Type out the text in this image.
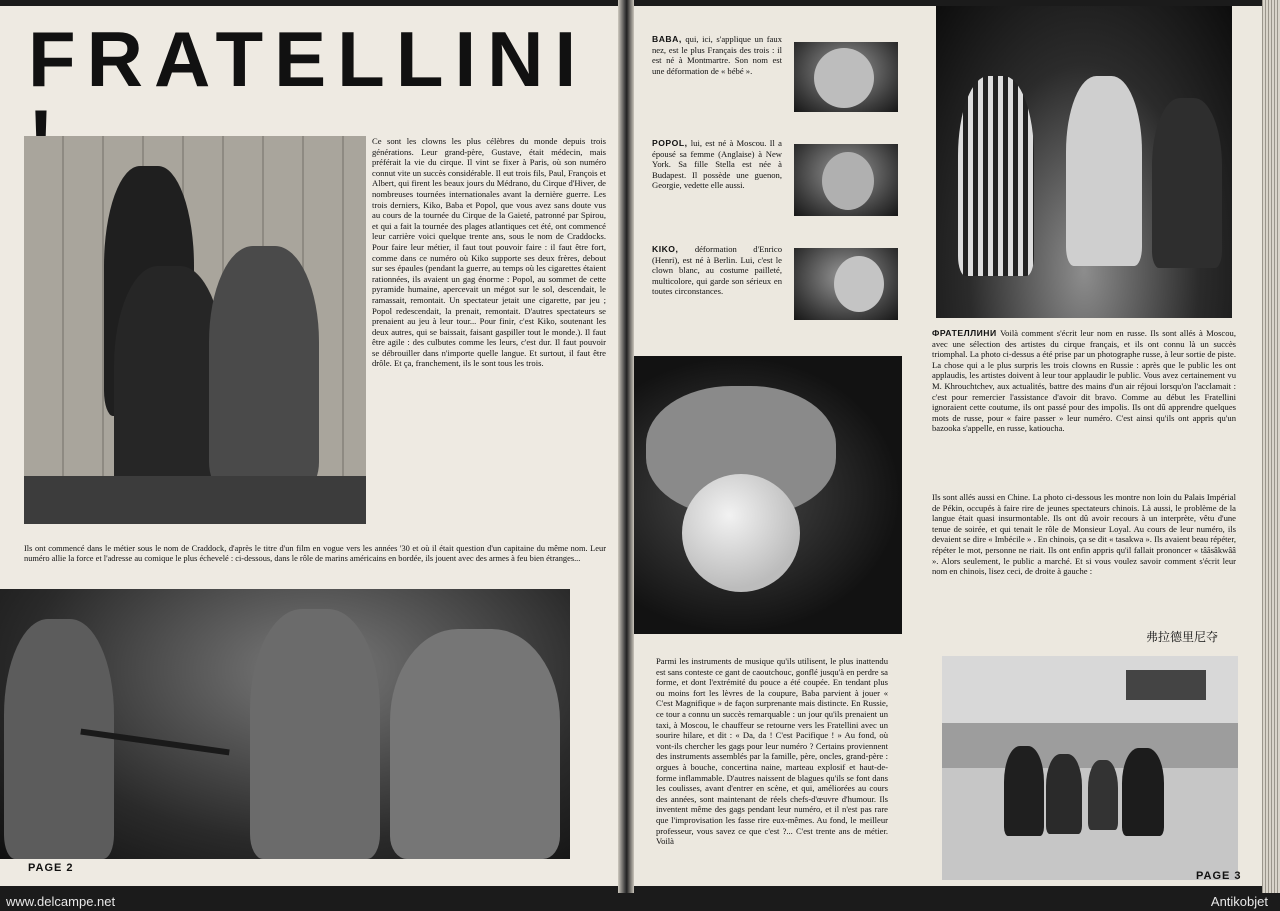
FRATELLINI

Ce sont les clowns les plus célèbres du monde depuis trois générations. Leur grand-père, Gustave, était médecin, mais préférait la vie du cirque. Il vint se fixer à Paris, où son numéro connut vite un succès considérable. Il eut trois fils, Paul, François et Albert, qui firent les beaux jours du Médrano, du Cirque d'Hiver, de nombreuses tournées internationales avant la dernière guerre. Les trois derniers, Kiko, Baba et Popol, que vous avez sans doute vus au cours de la tournée du Cirque de la Gaieté, patronné par Spirou, et qui a fait la tournée des plages atlantiques cet été, ont commencé leur carrière voici quelque trente ans, sous le nom de Craddocks. Pour faire leur métier, il faut tout pouvoir faire : il faut être fort, comme dans ce numéro où Kiko supporte ses deux frères, debout sur ses épaules (pendant la guerre, au temps où les cigarettes étaient rationnées, ils avaient un gag énorme : Popol, au sommet de cette pyramide humaine, apercevait un mégot sur le sol, descendait, le ramassait, remontait. Un spectateur jetait une cigarette, par jeu ; Popol redescendait, la prenait, remontait. D'autres spectateurs se prenaient au jeu à leur tour... Pour finir, c'est Kiko, soutenant les deux autres, qui se baissait, faisant gaspiller tout le monde.). Il faut être agile : des culbutes comme les leurs, c'est dur. Il faut pouvoir se débrouiller dans n'importe quelle langue. Et surtout, il faut être drôle. Et ça, franchement, ils le sont tous les trois.

Ils ont commencé dans le métier sous le nom de Craddock, d'après le titre d'un film en vogue vers les années '30 et où il était question d'un capitaine du même nom. Leur numéro allie la force et l'adresse au comique le plus échevelé : ci-dessous, dans le rôle de marins américains en bordée, ils jouent avec des armes à feu bien étranges...

PAGE 2

BABA, qui, ici, s'applique un faux nez, est le plus Français des trois : il est né à Montmartre. Son nom est une déformation de « bébé ».

POPOL, lui, est né à Moscou. Il a épousé sa femme (Anglaise) à New York. Sa fille Stella est née à Budapest. Il possède une guenon, Georgie, vedette elle aussi.

KIKO, déformation d'Enrico (Henri), est né à Berlin. Lui, c'est le clown blanc, au costume pailleté, multicolore, qui garde son sérieux en toutes circonstances.

Parmi les instruments de musique qu'ils utilisent, le plus inattendu est sans conteste ce gant de caoutchouc, gonflé jusqu'à en perdre sa forme, et dont l'extrémité du pouce a été coupée. En tendant plus ou moins fort les lèvres de la coupure, Baba parvient à jouer « C'est Magnifique » de façon surprenante mais distincte. En Russie, ce tour a connu un succès remarquable : un jour qu'ils prenaient un taxi, à Moscou, le chauffeur se retourne vers les Fratellini avec un sourire hilare, et dit : « Da, da ! C'est Pacifique ! » Au fond, où vont-ils chercher les gags pour leur numéro ? Certains proviennent des instruments assemblés par la famille, père, oncles, grand-père : orgues à bouche, concertina naine, marteau explosif et haut-de-forme inflammable. D'autres naissent de blagues qu'ils se font dans les coulisses, avant d'entrer en scène, et qui, améliorées au cours des années, sont maintenant de réels chefs-d'œuvre d'humour. Ils inventent même des gags pendant leur numéro, et il n'est pas rare que l'improvisation les fasse rire eux-mêmes. Au fond, le meilleur professeur, vous savez ce que c'est ?... C'est trente ans de métier. Voilà

ФРАТЕЛЛИНИ Voilà comment s'écrit leur nom en russe. Ils sont allés à Moscou, avec une sélection des artistes du cirque français, et ils ont connu là un succès triomphal. La photo ci-dessus a été prise par un photographe russe, à leur sortie de piste. La chose qui a le plus surpris les trois clowns en Russie : après que le public les ont applaudis, les artistes doivent à leur tour applaudir le public. Vous avez certainement vu M. Khrouchtchev, aux actualités, battre des mains d'un air réjoui lorsqu'on l'acclamait : c'est pour remercier l'assistance d'avoir dit bravo. Comme au début les Fratellini ignoraient cette coutume, ils ont passé pour des impolis. Ils ont dû apprendre quelques mots de russe, pour « faire passer » leur numéro. C'est ainsi qu'ils ont appris qu'un bazooka s'appelle, en russe, katioucha.

Ils sont allés aussi en Chine. La photo ci-dessous les montre non loin du Palais Impérial de Pékin, occupés à faire rire de jeunes spectateurs chinois. Là aussi, le problème de la langue était quasi insurmontable. Ils ont dû avoir recours à un interprète, vêtu d'une tenue de soirée, et qui tenait le rôle de Monsieur Loyal. Au cours de leur numéro, ils devaient se dire « Imbécile » . En chinois, ça se dit « tasakwa ». Ils avaient beau répéter, répéter le mot, personne ne riait. Ils ont enfin appris qu'il fallait prononcer « tâăsâkwââ ». Alors seulement, le public a marché. Et si vous voulez savoir comment s'écrit leur nom en chinois, lisez ceci, de droite à gauche :

弗拉德里尼夺
PAGE 3
www.delcampe.net	Antikobjet
